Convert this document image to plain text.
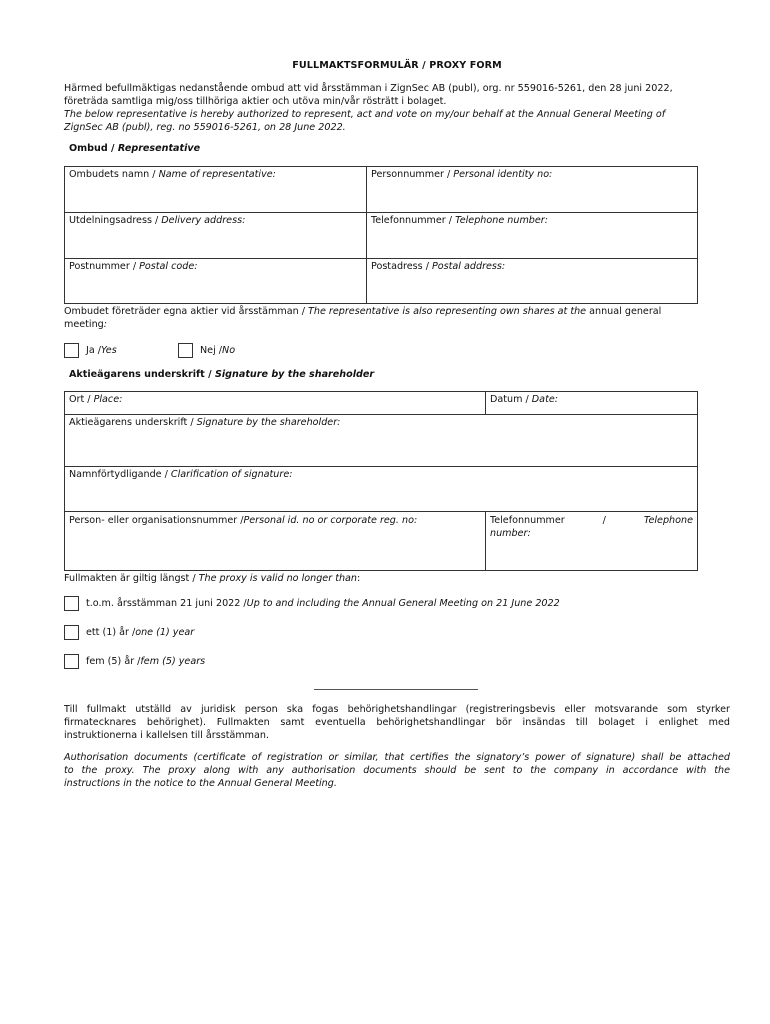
FULLMAKTSFORMULÄR / PROXY FORM
Härmed befullmäktigas nedanstående ombud att vid årsstämman i ZignSec AB (publ), org. nr 559016-5261, den 28 juni 2022,
företräda samtliga mig/oss tillhöriga aktier och utöva min/vår rösträtt i bolaget.
The below representative is hereby authorized to represent, act and vote on my/our behalf at the Annual General Meeting of
ZignSec AB (publ), reg. no 559016-5261, on 28 June 2022.
Ombud / Representative
Ombudets namn / Name of representative:	Personnummer / Personal identity no:

Utdelningsadress / Delivery address:	Telefonnummer / Telephone number:

Postnummer / Postal code:	Postadress / Postal address:
Ombudet företräder egna aktier vid årsstämman / The representative is also representing own shares at the annual general
meeting:
Ja / Yes	Nej / No
Aktieägarens underskrift / Signature by the shareholder
Ort / Place:	Datum / Date:

Aktieägarens underskrift / Signature by the shareholder:	

Namnförtydligande / Clarification of signature:	

Person- eller organisationsnummer /Personal id. no or corporate reg. no:	Telefonnummer / Telephone
number:
Fullmakten är giltig längst / The proxy is valid no longer than:
t.o.m. årsstämman 21 juni 2022 / Up to and including the Annual General Meeting on 21 June 2022
ett (1) år / one (1) year
fem (5) år / fem (5) years
Till fullmakt utställd av juridisk person ska fogas behörighetshandlingar (registreringsbevis eller motsvarande som styrker
firmatecknares behörighet). Fullmakten samt eventuella behörighetshandlingar bör insändas till bolaget i enlighet med
instruktionerna i kallelsen till årsstämman.
Authorisation documents (certificate of registration or similar, that certifies the signatory’s power of signature) shall be attached
to the proxy. The proxy along with any authorisation documents should be sent to the company in accordance with the
instructions in the notice to the Annual General Meeting.
